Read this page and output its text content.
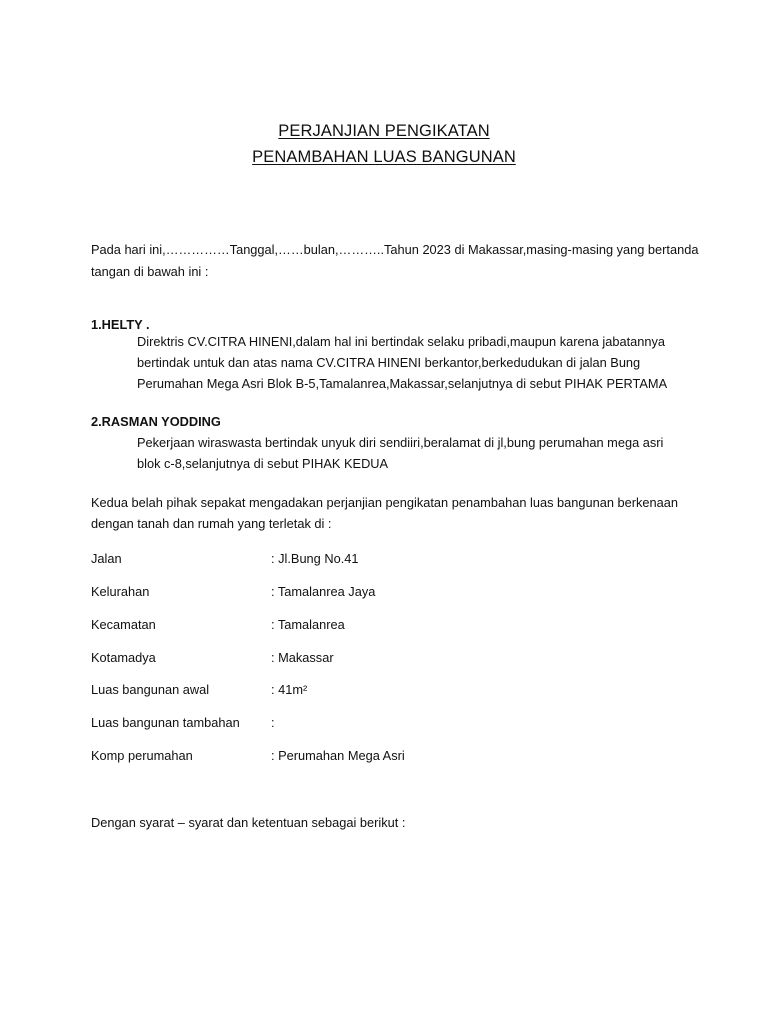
PERJANJIAN PENGIKATAN
PENAMBAHAN LUAS BANGUNAN
Pada hari ini,……………Tanggal,……bulan,………..Tahun 2023 di Makassar,masing-masing yang bertanda
tangan di bawah ini :
1.HELTY .
Direktris CV.CITRA HINENI,dalam hal ini bertindak selaku pribadi,maupun karena jabatannya
bertindak untuk dan atas nama CV.CITRA HINENI berkantor,berkedudukan di jalan Bung
Perumahan Mega Asri Blok B-5,Tamalanrea,Makassar,selanjutnya di sebut PIHAK PERTAMA
2.RASMAN YODDING
Pekerjaan wiraswasta bertindak unyuk diri sendiiri,beralamat di jl,bung perumahan mega asri
blok c-8,selanjutnya di sebut PIHAK KEDUA
Kedua belah pihak sepakat mengadakan perjanjian pengikatan penambahan luas bangunan berkenaan
dengan tanah dan rumah yang terletak di :
Jalan	: Jl.Bung No.41
Kelurahan	: Tamalanrea Jaya
Kecamatan	: Tamalanrea
Kotamadya	: Makassar
Luas bangunan awal	: 41m²
Luas bangunan tambahan :
Komp perumahan	: Perumahan Mega Asri
Dengan syarat – syarat dan ketentuan sebagai berikut :
